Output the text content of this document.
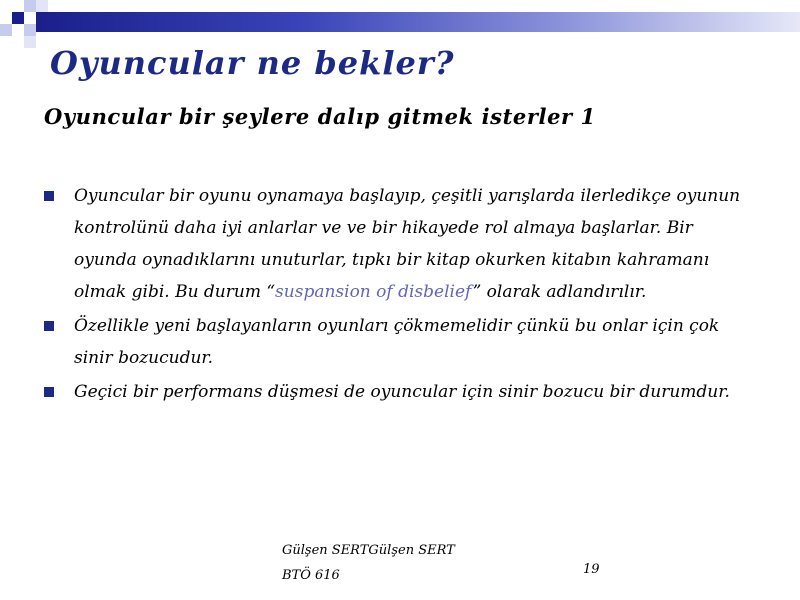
Oyuncular ne bekler?
Oyuncular bir şeylere dalıp gitmek isterler 1
Oyuncular bir oyunu oynamaya başlayıp, çeşitli yarışlarda ilerledikçe oyunun kontrolünü daha iyi anlarlar ve ve bir hikayede rol almaya başlarlar. Bir oyunda oynadıklarını unuturlar, tıpkı bir kitap okurken kitabın kahramanı olmak gibi. Bu durum “suspansion of disbelief” olarak adlandırılır.
Özellikle yeni başlayanların oyunları çökmemelidir çünkü bu onlar için çok sinir bozucudur.
Geçici bir performans düşmesi de oyuncular için sinir bozucu bir durumdur.
Gülşen SERTGülşen SERT
BTÖ 616	19
